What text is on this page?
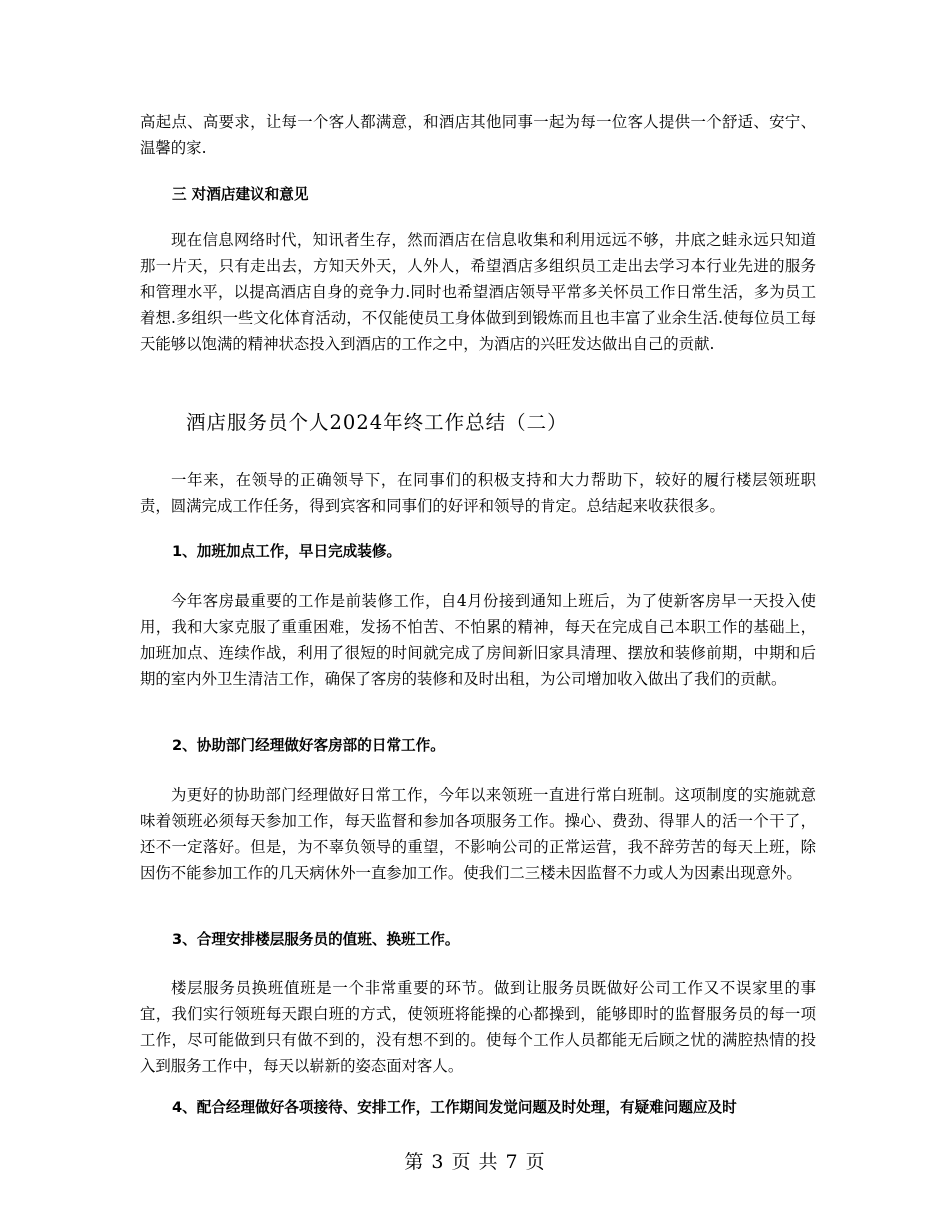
高起点、高要求，让每一个客人都满意，和酒店其他同事一起为每一位客人提供一个舒适、安宁、温馨的家.

三 对酒店建议和意见

现在信息网络时代，知讯者生存，然而酒店在信息收集和利用远远不够，井底之蛙永远只知道那一片天，只有走出去，方知天外天，人外人，希望酒店多组织员工走出去学习本行业先进的服务和管理水平，以提高酒店自身的竞争力.同时也希望酒店领导平常多关怀员工作日常生活，多为员工着想.多组织一些文化体育活动，不仅能使员工身体做到到锻炼而且也丰富了业余生活.使每位员工每天能够以饱满的精神状态投入到酒店的工作之中，为酒店的兴旺发达做出自己的贡献.

酒店服务员个人2024年终工作总结（二）

一年来，在领导的正确领导下，在同事们的积极支持和大力帮助下，较好的履行楼层领班职责，圆满完成工作任务，得到宾客和同事们的好评和领导的肯定。总结起来收获很多。

1、加班加点工作，早日完成装修。

今年客房最重要的工作是前装修工作，自4月份接到通知上班后，为了使新客房早一天投入使用，我和大家克服了重重困难，发扬不怕苦、不怕累的精神，每天在完成自己本职工作的基础上，加班加点、连续作战，利用了很短的时间就完成了房间新旧家具清理、摆放和装修前期，中期和后期的室内外卫生清洁工作，确保了客房的装修和及时出租，为公司增加收入做出了我们的贡献。

2、协助部门经理做好客房部的日常工作。

为更好的协助部门经理做好日常工作，今年以来领班一直进行常白班制。这项制度的实施就意味着领班必须每天参加工作，每天监督和参加各项服务工作。操心、费劲、得罪人的活一个干了，还不一定落好。但是，为不辜负领导的重望，不影响公司的正常运营，我不辞劳苦的每天上班，除因伤不能参加工作的几天病休外一直参加工作。使我们二三楼未因监督不力或人为因素出现意外。

3、合理安排楼层服务员的值班、换班工作。

楼层服务员换班值班是一个非常重要的环节。做到让服务员既做好公司工作又不误家里的事宜，我们实行领班每天跟白班的方式，使领班将能操的心都操到，能够即时的监督服务员的每一项工作，尽可能做到只有做不到的，没有想不到的。使每个工作人员都能无后顾之忧的满腔热情的投入到服务工作中，每天以崭新的姿态面对客人。

4、配合经理做好各项接待、安排工作，工作期间发觉问题及时处理，有疑难问题应及时

第 3 页 共 7 页
